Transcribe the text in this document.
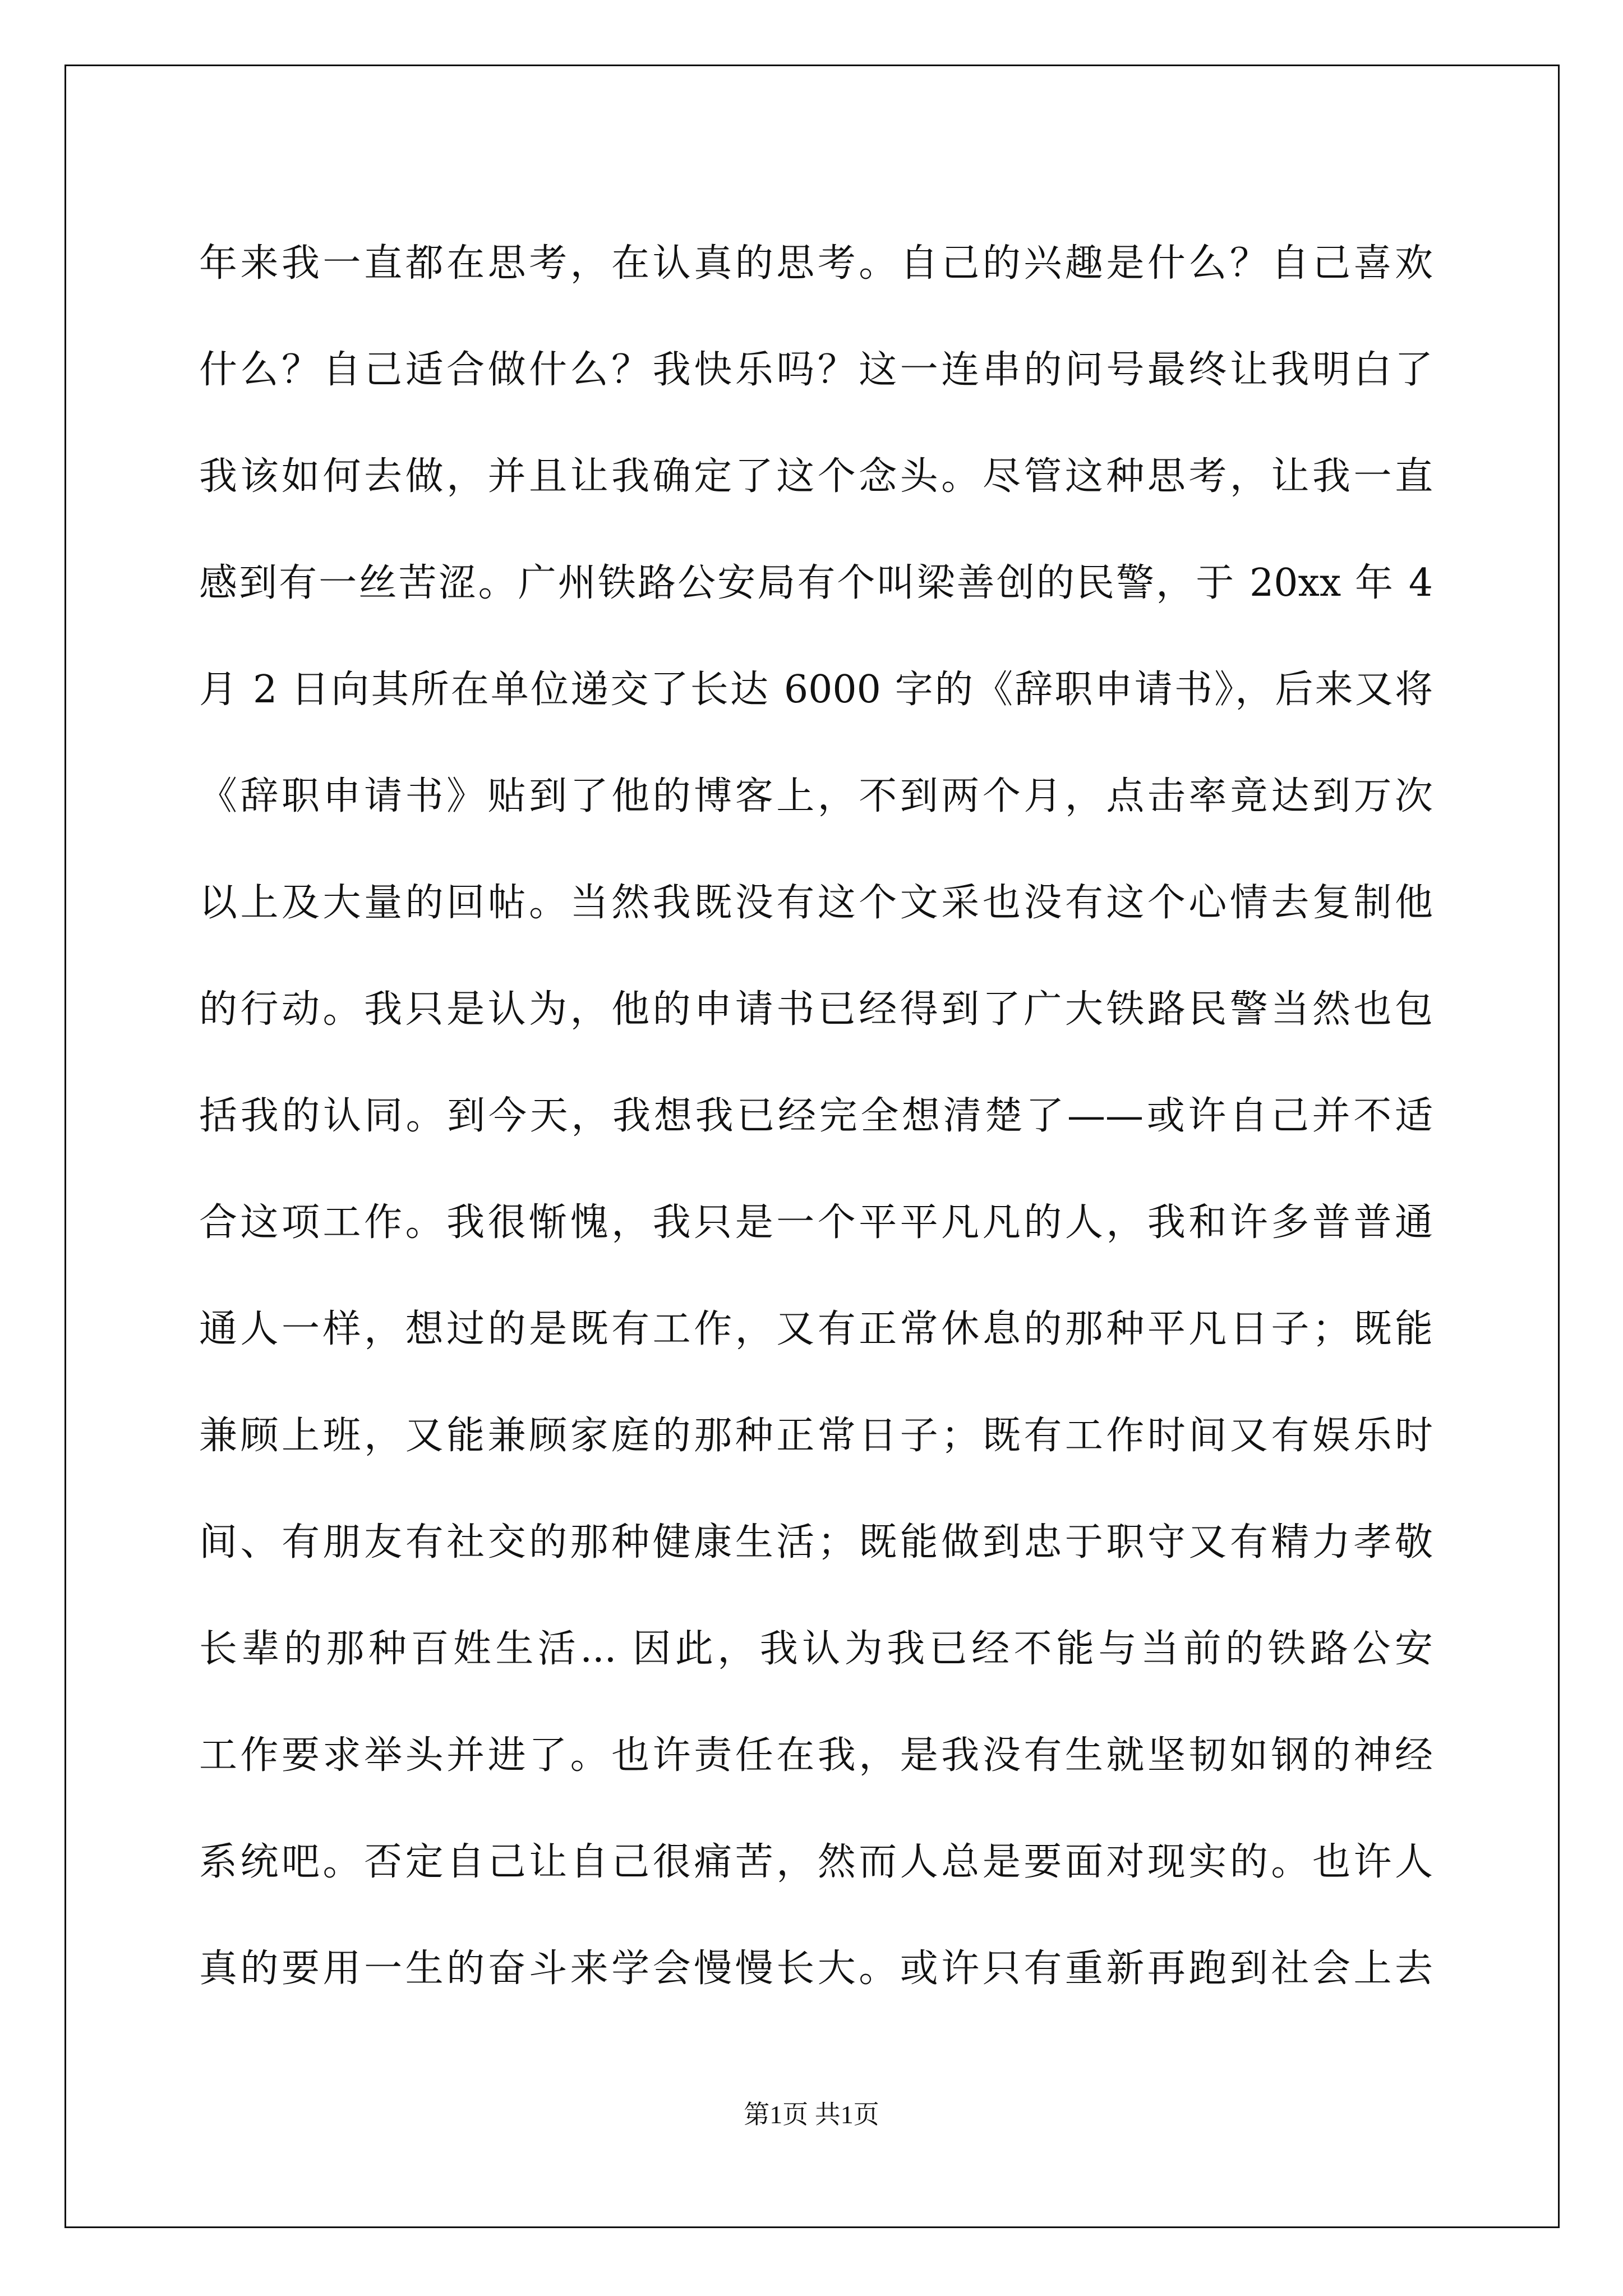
年来我一直都在思考，在认真的思考。自己的兴趣是什么？自己喜欢
什么？自己适合做什么？我快乐吗？这一连串的问号最终让我明白了
我该如何去做，并且让我确定了这个念头。尽管这种思考，让我一直
感到有一丝苦涩。广州铁路公安局有个叫梁善创的民警，于 20xx 年 4
月 2 日向其所在单位递交了长达 6000 字的《辞职申请书》，后来又将
《辞职申请书》贴到了他的博客上，不到两个月，点击率竟达到万次
以上及大量的回帖。当然我既没有这个文采也没有这个心情去复制他
的行动。我只是认为，他的申请书已经得到了广大铁路民警当然也包
括我的认同。到今天，我想我已经完全想清楚了——或许自己并不适
合这项工作。我很惭愧，我只是一个平平凡凡的人，我和许多普普通
通人一样，想过的是既有工作，又有正常休息的那种平凡日子；既能
兼顾上班，又能兼顾家庭的那种正常日子；既有工作时间又有娱乐时
间、有朋友有社交的那种健康生活；既能做到忠于职守又有精力孝敬
长辈的那种百姓生活... 因此，我认为我已经不能与当前的铁路公安
工作要求举头并进了。也许责任在我，是我没有生就坚韧如钢的神经
系统吧。否定自己让自己很痛苦，然而人总是要面对现实的。也许人
真的要用一生的奋斗来学会慢慢长大。或许只有重新再跑到社会上去
第1页 共1页
